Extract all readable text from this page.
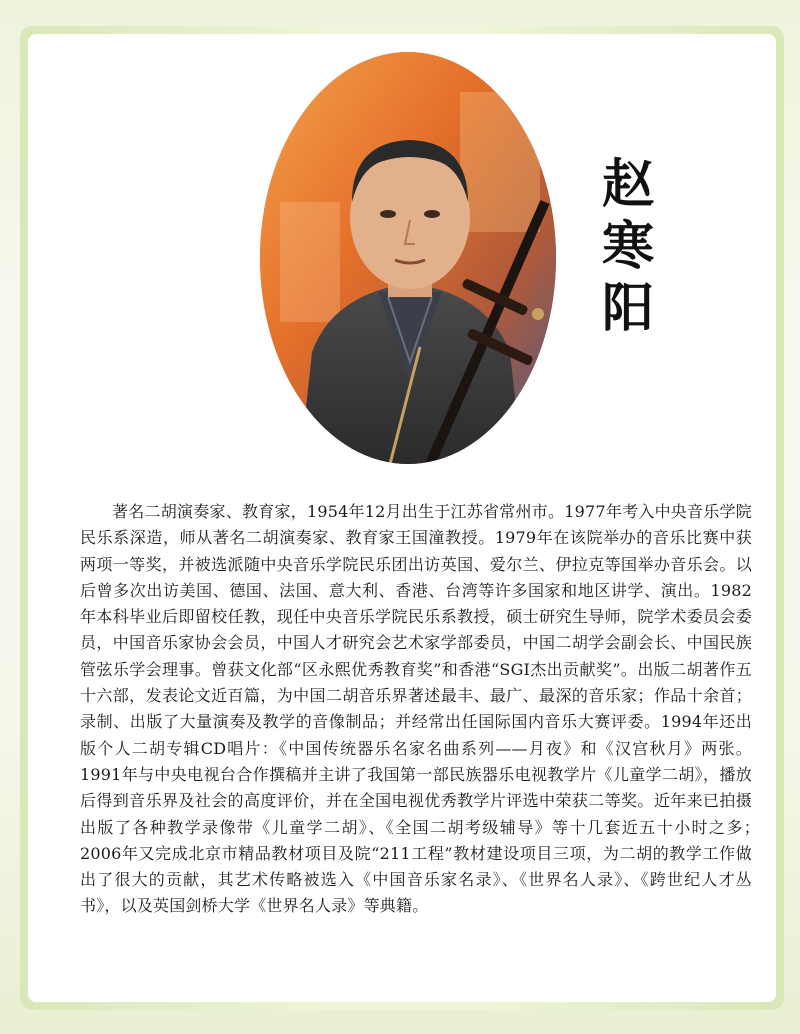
赵
寒
阳

著名二胡演奏家、教育家，1954年12月出生于江苏省常州市。1977年考入中央音乐学院民乐系深造，师从著名二胡演奏家、教育家王国潼教授。1979年在该院举办的音乐比赛中获两项一等奖，并被选派随中央音乐学院民乐团出访英国、爱尔兰、伊拉克等国举办音乐会。以后曾多次出访美国、德国、法国、意大利、香港、台湾等许多国家和地区讲学、演出。1982年本科毕业后即留校任教，现任中央音乐学院民乐系教授，硕士研究生导师，院学术委员会委员，中国音乐家协会会员，中国人才研究会艺术家学部委员，中国二胡学会副会长、中国民族管弦乐学会理事。曾获文化部“区永熙优秀教育奖”和香港“SGI杰出贡献奖”。出版二胡著作五十六部，发表论文近百篇，为中国二胡音乐界著述最丰、最广、最深的音乐家；作品十余首；录制、出版了大量演奏及教学的音像制品；并经常出任国际国内音乐大赛评委。1994年还出版个人二胡专辑CD唱片：《中国传统器乐名家名曲系列——月夜》和《汉宫秋月》两张。1991年与中央电视台合作撰稿并主讲了我国第一部民族器乐电视教学片《儿童学二胡》，播放后得到音乐界及社会的高度评价，并在全国电视优秀教学片评选中荣获二等奖。近年来已拍摄出版了各种教学录像带《儿童学二胡》、《全国二胡考级辅导》等十几套近五十小时之多；　2006年又完成北京市精品教材项目及院“211工程”教材建设项目三项，为二胡的教学工作做出了很大的贡献，其艺术传略被选入《中国音乐家名录》、《世界名人录》、《跨世纪人才丛书》，以及英国剑桥大学《世界名人录》等典籍。
